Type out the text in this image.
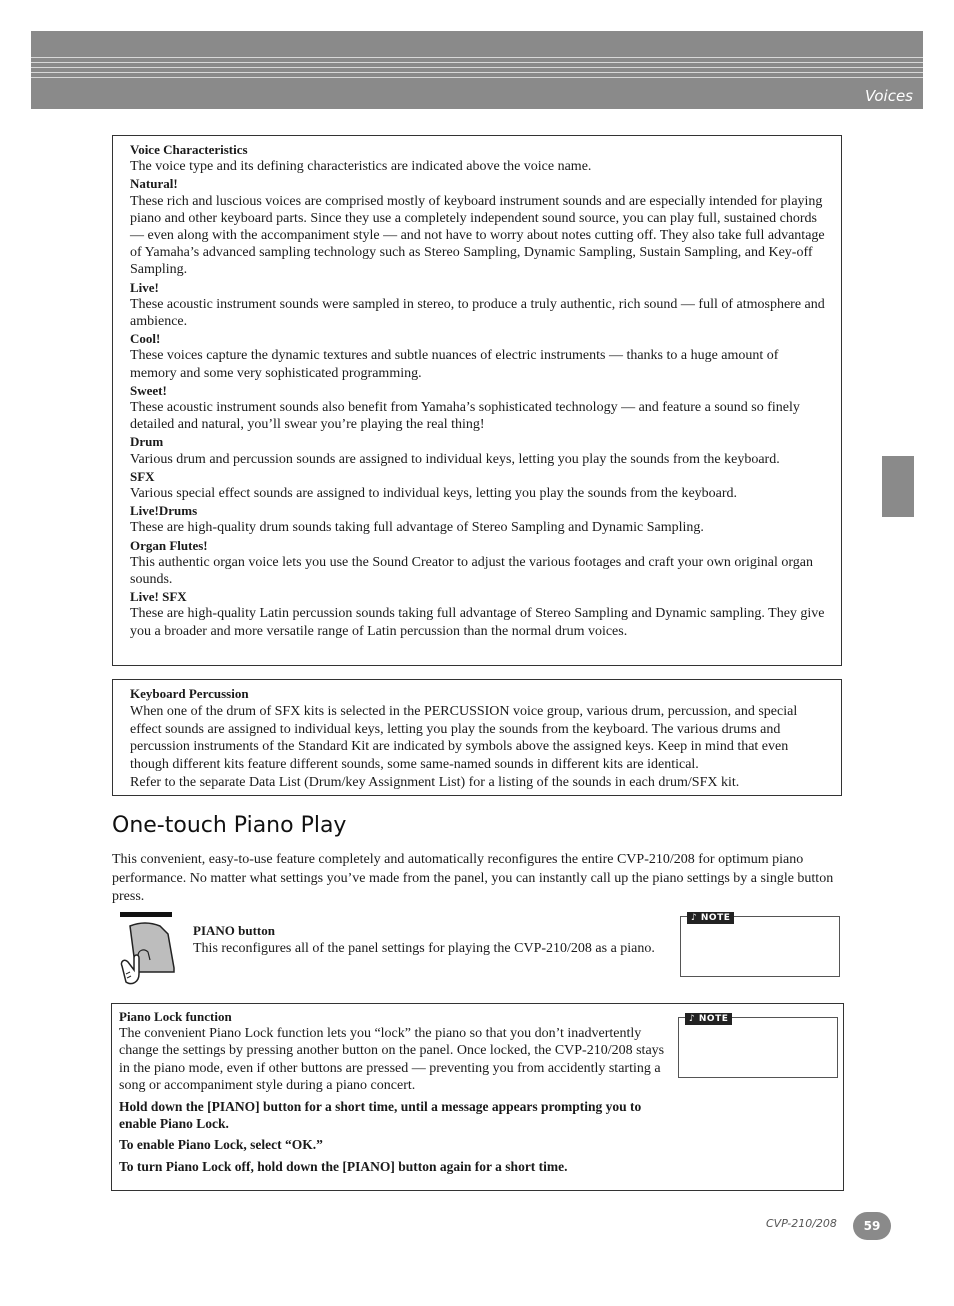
Voices

Voice Characteristics

The voice type and its defining characteristics are indicated above the voice name.

Natural!

These rich and luscious voices are comprised mostly of keyboard instrument sounds and are especially intended for playing piano and other keyboard parts. Since they use a completely independent sound source, you can play full, sustained chords — even along with the accompaniment style — and not have to worry about notes cutting off. They also take full advantage of Yamaha’s advanced sampling technology such as Stereo Sampling, Dynamic Sampling, Sustain Sampling, and Key-off Sampling.

Live!

These acoustic instrument sounds were sampled in stereo, to produce a truly authentic, rich sound — full of atmosphere and ambience.

Cool!

These voices capture the dynamic textures and subtle nuances of electric instruments — thanks to a huge amount of memory and some very sophisticated programming.

Sweet!

These acoustic instrument sounds also benefit from Yamaha’s sophisticated technology — and feature a sound so finely detailed and natural, you’ll swear you’re playing the real thing!

Drum

Various drum and percussion sounds are assigned to individual keys, letting you play the sounds from the keyboard.

SFX

Various special effect sounds are assigned to individual keys, letting you play the sounds from the keyboard.

Live!Drums

These are high-quality drum sounds taking full advantage of Stereo Sampling and Dynamic Sampling.

Organ Flutes!

This authentic organ voice lets you use the Sound Creator to adjust the various footages and craft your own original organ sounds.

Live! SFX

These are high-quality Latin percussion sounds taking full advantage of Stereo Sampling and Dynamic sampling. They give you a broader and more versatile range of Latin percussion than the normal drum voices.

Keyboard Percussion

When one of the drum of SFX kits is selected in the PERCUSSION voice group, various drum, percussion, and special effect sounds are assigned to individual keys, letting you play the sounds from the keyboard. The various drums and percussion instruments of the Standard Kit are indicated by symbols above the assigned keys. Keep in mind that even though different kits feature different sounds, some same-named sounds in different kits are identical.

Refer to the separate Data List (Drum/key Assignment List) for a listing of the sounds in each drum/SFX kit.

One-touch Piano Play

This convenient, easy-to-use feature completely and automatically reconfigures the entire CVP-210/208 for optimum piano performance. No matter what settings you’ve made from the panel, you can instantly call up the piano settings by a single button press.

PIANO button

This reconfigures all of the panel settings for playing the CVP-210/208 as a piano.

♪ NOTE

Piano Lock function

The convenient Piano Lock function lets you “lock” the piano so that you don’t inadvertently change the settings by pressing another button on the panel. Once locked, the CVP-210/208 stays in the piano mode, even if other buttons are pressed — preventing you from accidently starting a song or accompaniment style during a piano concert.

Hold down the [PIANO] button for a short time, until a message appears prompting you to enable Piano Lock.

To enable Piano Lock, select “OK.”

To turn Piano Lock off, hold down the [PIANO] button again for a short time.

♪ NOTE
CVP-210/208	59
